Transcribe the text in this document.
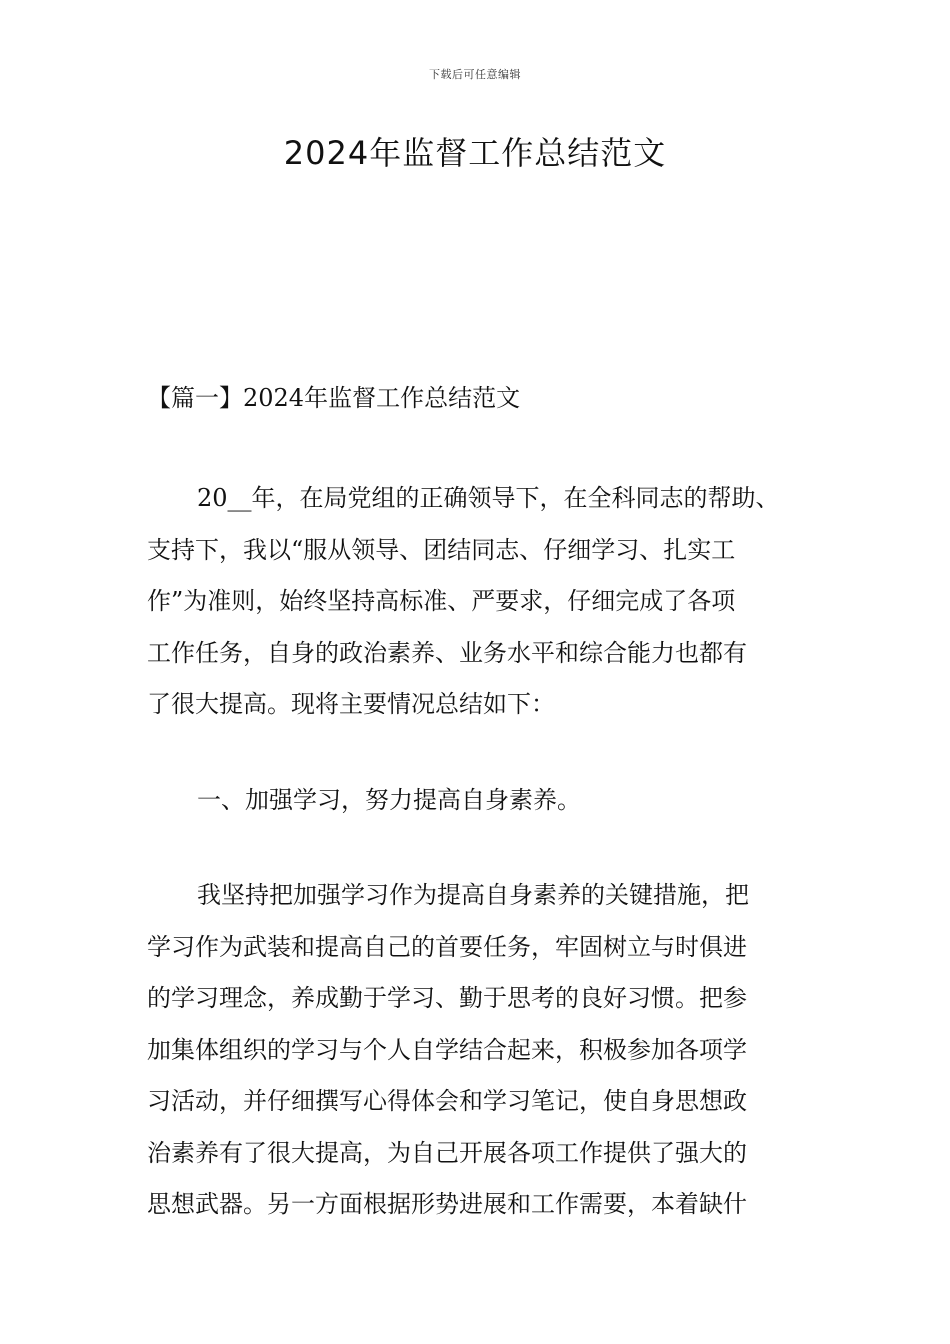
下载后可任意编辑
2024年监督工作总结范文
【篇一】2024年监督工作总结范文
20__年，在局党组的正确领导下，在全科同志的帮助、
支持下，我以“服从领导、团结同志、仔细学习、扎实工
作”为准则，始终坚持高标准、严要求，仔细完成了各项
工作任务，自身的政治素养、业务水平和综合能力也都有
了很大提高。现将主要情况总结如下：
一、加强学习，努力提高自身素养。
我坚持把加强学习作为提高自身素养的关键措施，把
学习作为武装和提高自己的首要任务，牢固树立与时俱进
的学习理念，养成勤于学习、勤于思考的良好习惯。把参
加集体组织的学习与个人自学结合起来，积极参加各项学
习活动，并仔细撰写心得体会和学习笔记，使自身思想政
治素养有了很大提高，为自己开展各项工作提供了强大的
思想武器。另一方面根据形势进展和工作需要，本着缺什
